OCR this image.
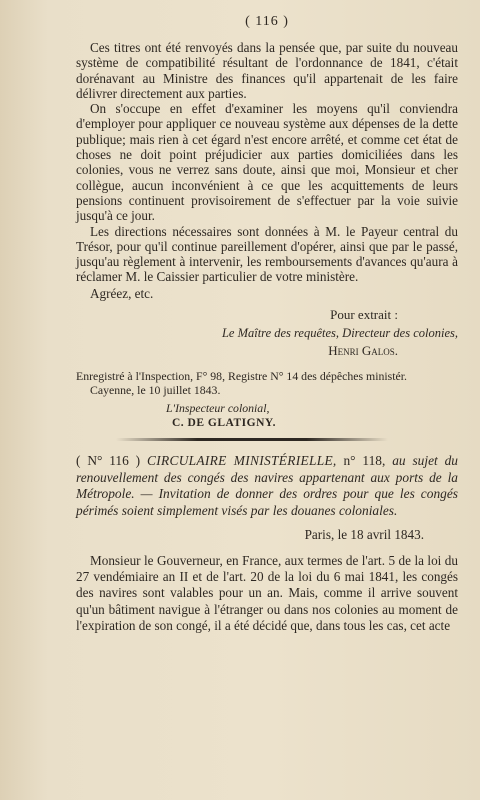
( 116 )

Ces titres ont été renvoyés dans la pensée que, par suite du nouveau système de compatibilité résultant de l'ordonnance de 1841, c'était dorénavant au Ministre des finances qu'il appartenait de les faire délivrer directement aux parties.

On s'occupe en effet d'examiner les moyens qu'il conviendra d'employer pour appliquer ce nouveau système aux dépenses de la dette publique; mais rien à cet égard n'est encore arrêté, et comme cet état de choses ne doit point préjudicier aux parties domiciliées dans les colonies, vous ne verrez sans doute, ainsi que moi, Monsieur et cher collègue, aucun inconvénient à ce que les acquittements de leurs pensions continuent provisoirement de s'effectuer par la voie suivie jusqu'à ce jour.

Les directions nécessaires sont données à M. le Payeur central du Trésor, pour qu'il continue pareillement d'opérer, ainsi que par le passé, jusqu'au règlement à intervenir, les remboursements d'avances qu'aura à réclamer M. le Caissier particulier de votre ministère.

Agréez, etc.

Pour extrait :
Le Maître des requêtes, Directeur des colonies,
Henri Galos.
Enregistré à l'Inspection, F° 98, Registre N° 14 des dépêches ministér.
Cayenne, le 10 juillet 1843.
L'Inspecteur colonial,
C. DE GLATIGNY.
( N° 116 ) CIRCULAIRE MINISTÉRIELLE, n° 118, au sujet du renouvellement des congés des navires appartenant aux ports de la Métropole. — Invitation de donner des ordres pour que les congés périmés soient simplement visés par les douanes coloniales.
Paris, le 18 avril 1843.

Monsieur le Gouverneur, en France, aux termes de l'art. 5 de la loi du 27 vendémiaire an II et de l'art. 20 de la loi du 6 mai 1841, les congés des navires sont valables pour un an. Mais, comme il arrive souvent qu'un bâtiment navigue à l'étranger ou dans nos colonies au moment de l'expiration de son congé, il a été décidé que, dans tous les cas, cet acte
